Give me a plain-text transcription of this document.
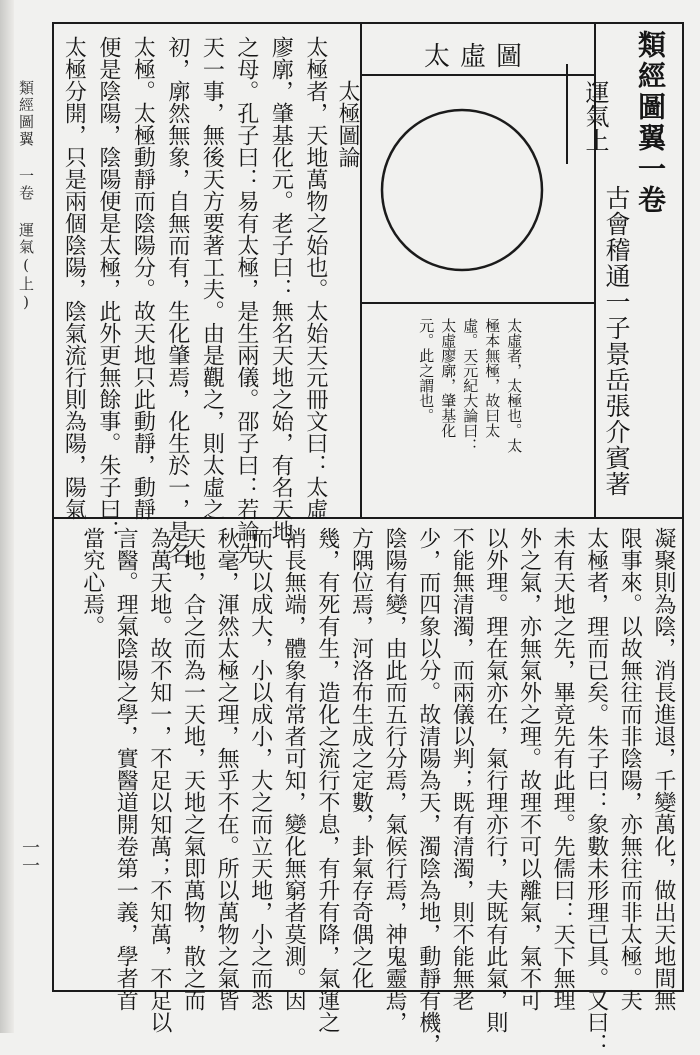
類經圖翼 一卷 運氣(上)
一一
類經圖翼一卷
運氣上
古會稽通一子景岳張介賓著
太虛圖
太虛者，太極也。太
極本無極，故曰太
虛。天元紀大論曰：
太虛廖廓，肇基化
元。此之謂也。
太極圖論
太極者，天地萬物之始也。太始天元冊文曰：太虛
廖廓，肇基化元。老子曰：無名天地之始，有名天地
之母。孔子曰：易有太極，是生兩儀。邵子曰：若論先
天一事，無後天方要著工夫。由是觀之，則太虛之
初，廓然無象，自無而有，生化肇焉，化生於一，是名
太極。太極動靜而陰陽分。故天地只此動靜，動靜
便是陰陽，陰陽便是太極，此外更無餘事。朱子曰：
太極分開，只是兩個陰陽，陰氣流行則為陽，陽氣
凝聚則為陰，消長進退，千變萬化，做出天地間無
限事來。以故無往而非陰陽，亦無往而非太極。夫
太極者，理而已矣。朱子曰：象數未形理已具。又曰：
未有天地之先，畢竟先有此理。先儒曰：天下無理
外之氣，亦無氣外之理。故理不可以離氣，氣不可
以外理。理在氣亦在，氣行理亦行，夫既有此氣，則
不能無清濁，而兩儀以判；既有清濁，則不能無老
少，而四象以分。故清陽為天，濁陰為地，動靜有機，
陰陽有變，由此而五行分焉，氣候行焉，神鬼靈焉，
方隅位焉，河洛布生成之定數，卦氣存奇偶之化
幾，有死有生，造化之流行不息，有升有降，氣運之
消長無端，體象有常者可知，變化無窮者莫測。因
而大以成大，小以成小，大之而立天地，小之而悉
秋毫，渾然太極之理，無乎不在。所以萬物之氣皆
天地，合之而為一天地，天地之氣即萬物，散之而
為萬天地。故不知一，不足以知萬；不知萬，不足以
言醫。理氣陰陽之學，實醫道開卷第一義，學者首
當究心焉。
